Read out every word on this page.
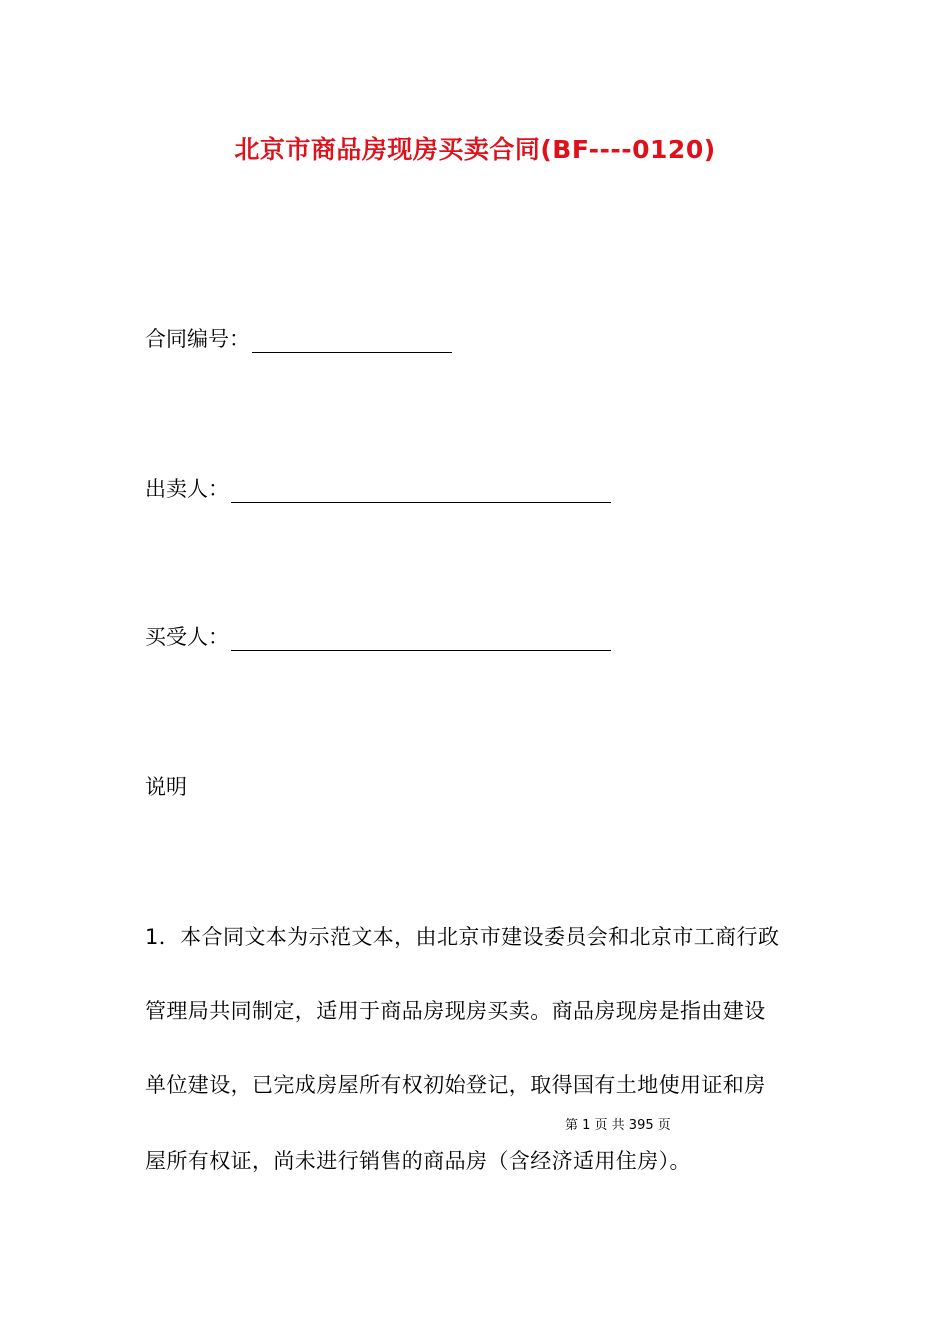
北京市商品房现房买卖合同(BF----0120)
合同编号：
出卖人：
买受人：
说明
1．本合同文本为示范文本，由北京市建设委员会和北京市工商行政
管理局共同制定，适用于商品房现房买卖。商品房现房是指由建设
单位建设，已完成房屋所有权初始登记，取得国有土地使用证和房
第 1 页 共 395 页
屋所有权证，尚未进行销售的商品房（含经济适用住房）。
